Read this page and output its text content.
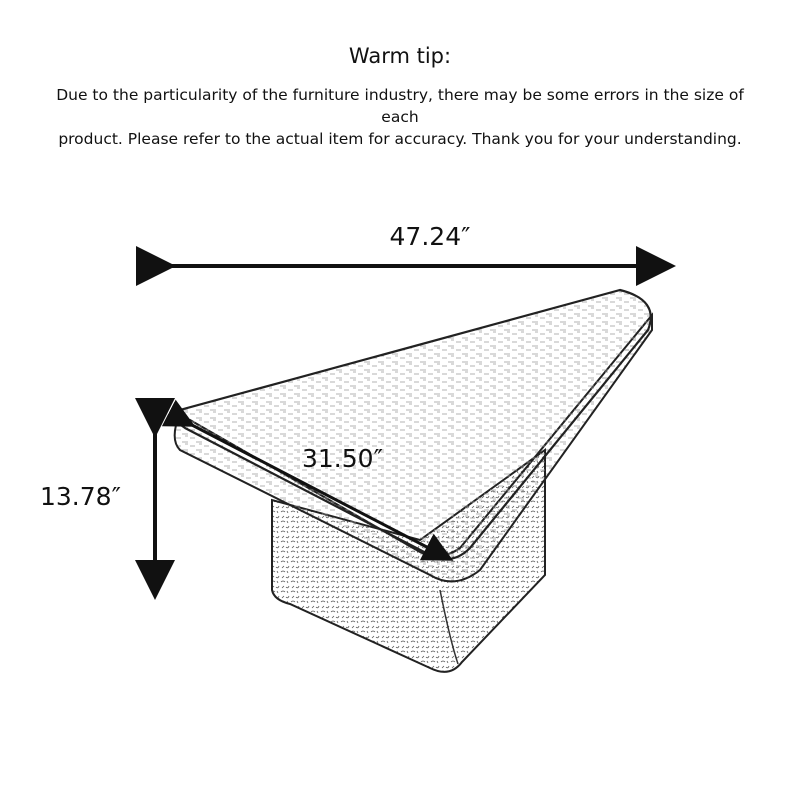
Warm tip:
Due to the particularity of the furniture industry, there may be some errors in the size of each
product. Please refer to the actual item for accuracy. Thank you for your understanding.
47.24″
13.78″
31.50″
